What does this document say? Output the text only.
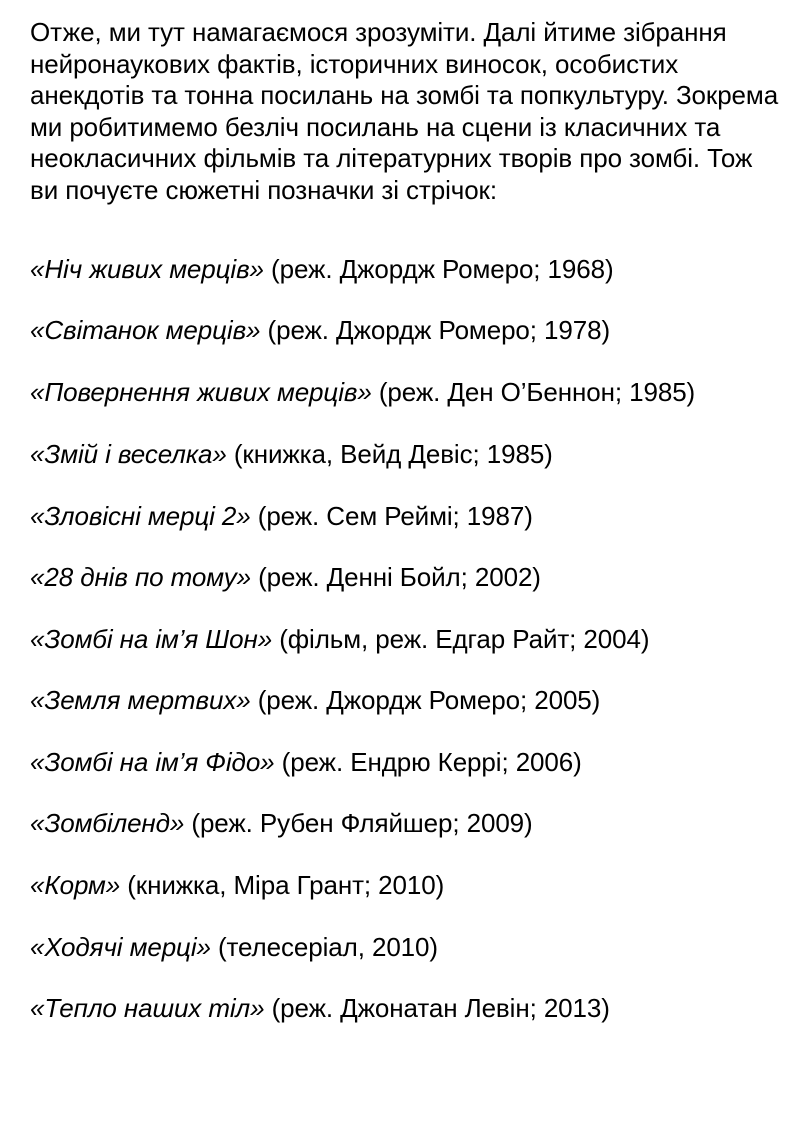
Отже, ми тут намагаємося зрозуміти. Далі йтиме зібрання нейронаукових фактів, історичних виносок, особистих анекдотів та тонна посилань на зомбі та попкультуру. Зокрема ми робитимемо безліч посилань на сцени із класичних та неокласичних фільмів та літературних творів про зомбі. Тож ви почуєте сюжетні позначки зі стрічок:

«Ніч живих мерців» (реж. Джордж Ромеро; 1968)
«Світанок мерців» (реж. Джордж Ромеро; 1978)
«Повернення живих мерців» (реж. Ден О’Беннон; 1985)
«Змій і веселка» (книжка, Вейд Девіс; 1985)
«Зловісні мерці 2» (реж. Сем Реймі; 1987)
«28 днів по тому» (реж. Денні Бойл; 2002)
«Зомбі на ім’я Шон» (фільм, реж. Едгар Райт; 2004)
«Земля мертвих» (реж. Джордж Ромеро; 2005)
«Зомбі на ім’я Фідо» (реж. Ендрю Керрі; 2006)
«Зомбіленд» (реж. Рубен Фляйшер; 2009)
«Корм» (книжка, Міра Грант; 2010)
«Ходячі мерці» (телесеріал, 2010)
«Тепло наших тіл» (реж. Джонатан Левін; 2013)
